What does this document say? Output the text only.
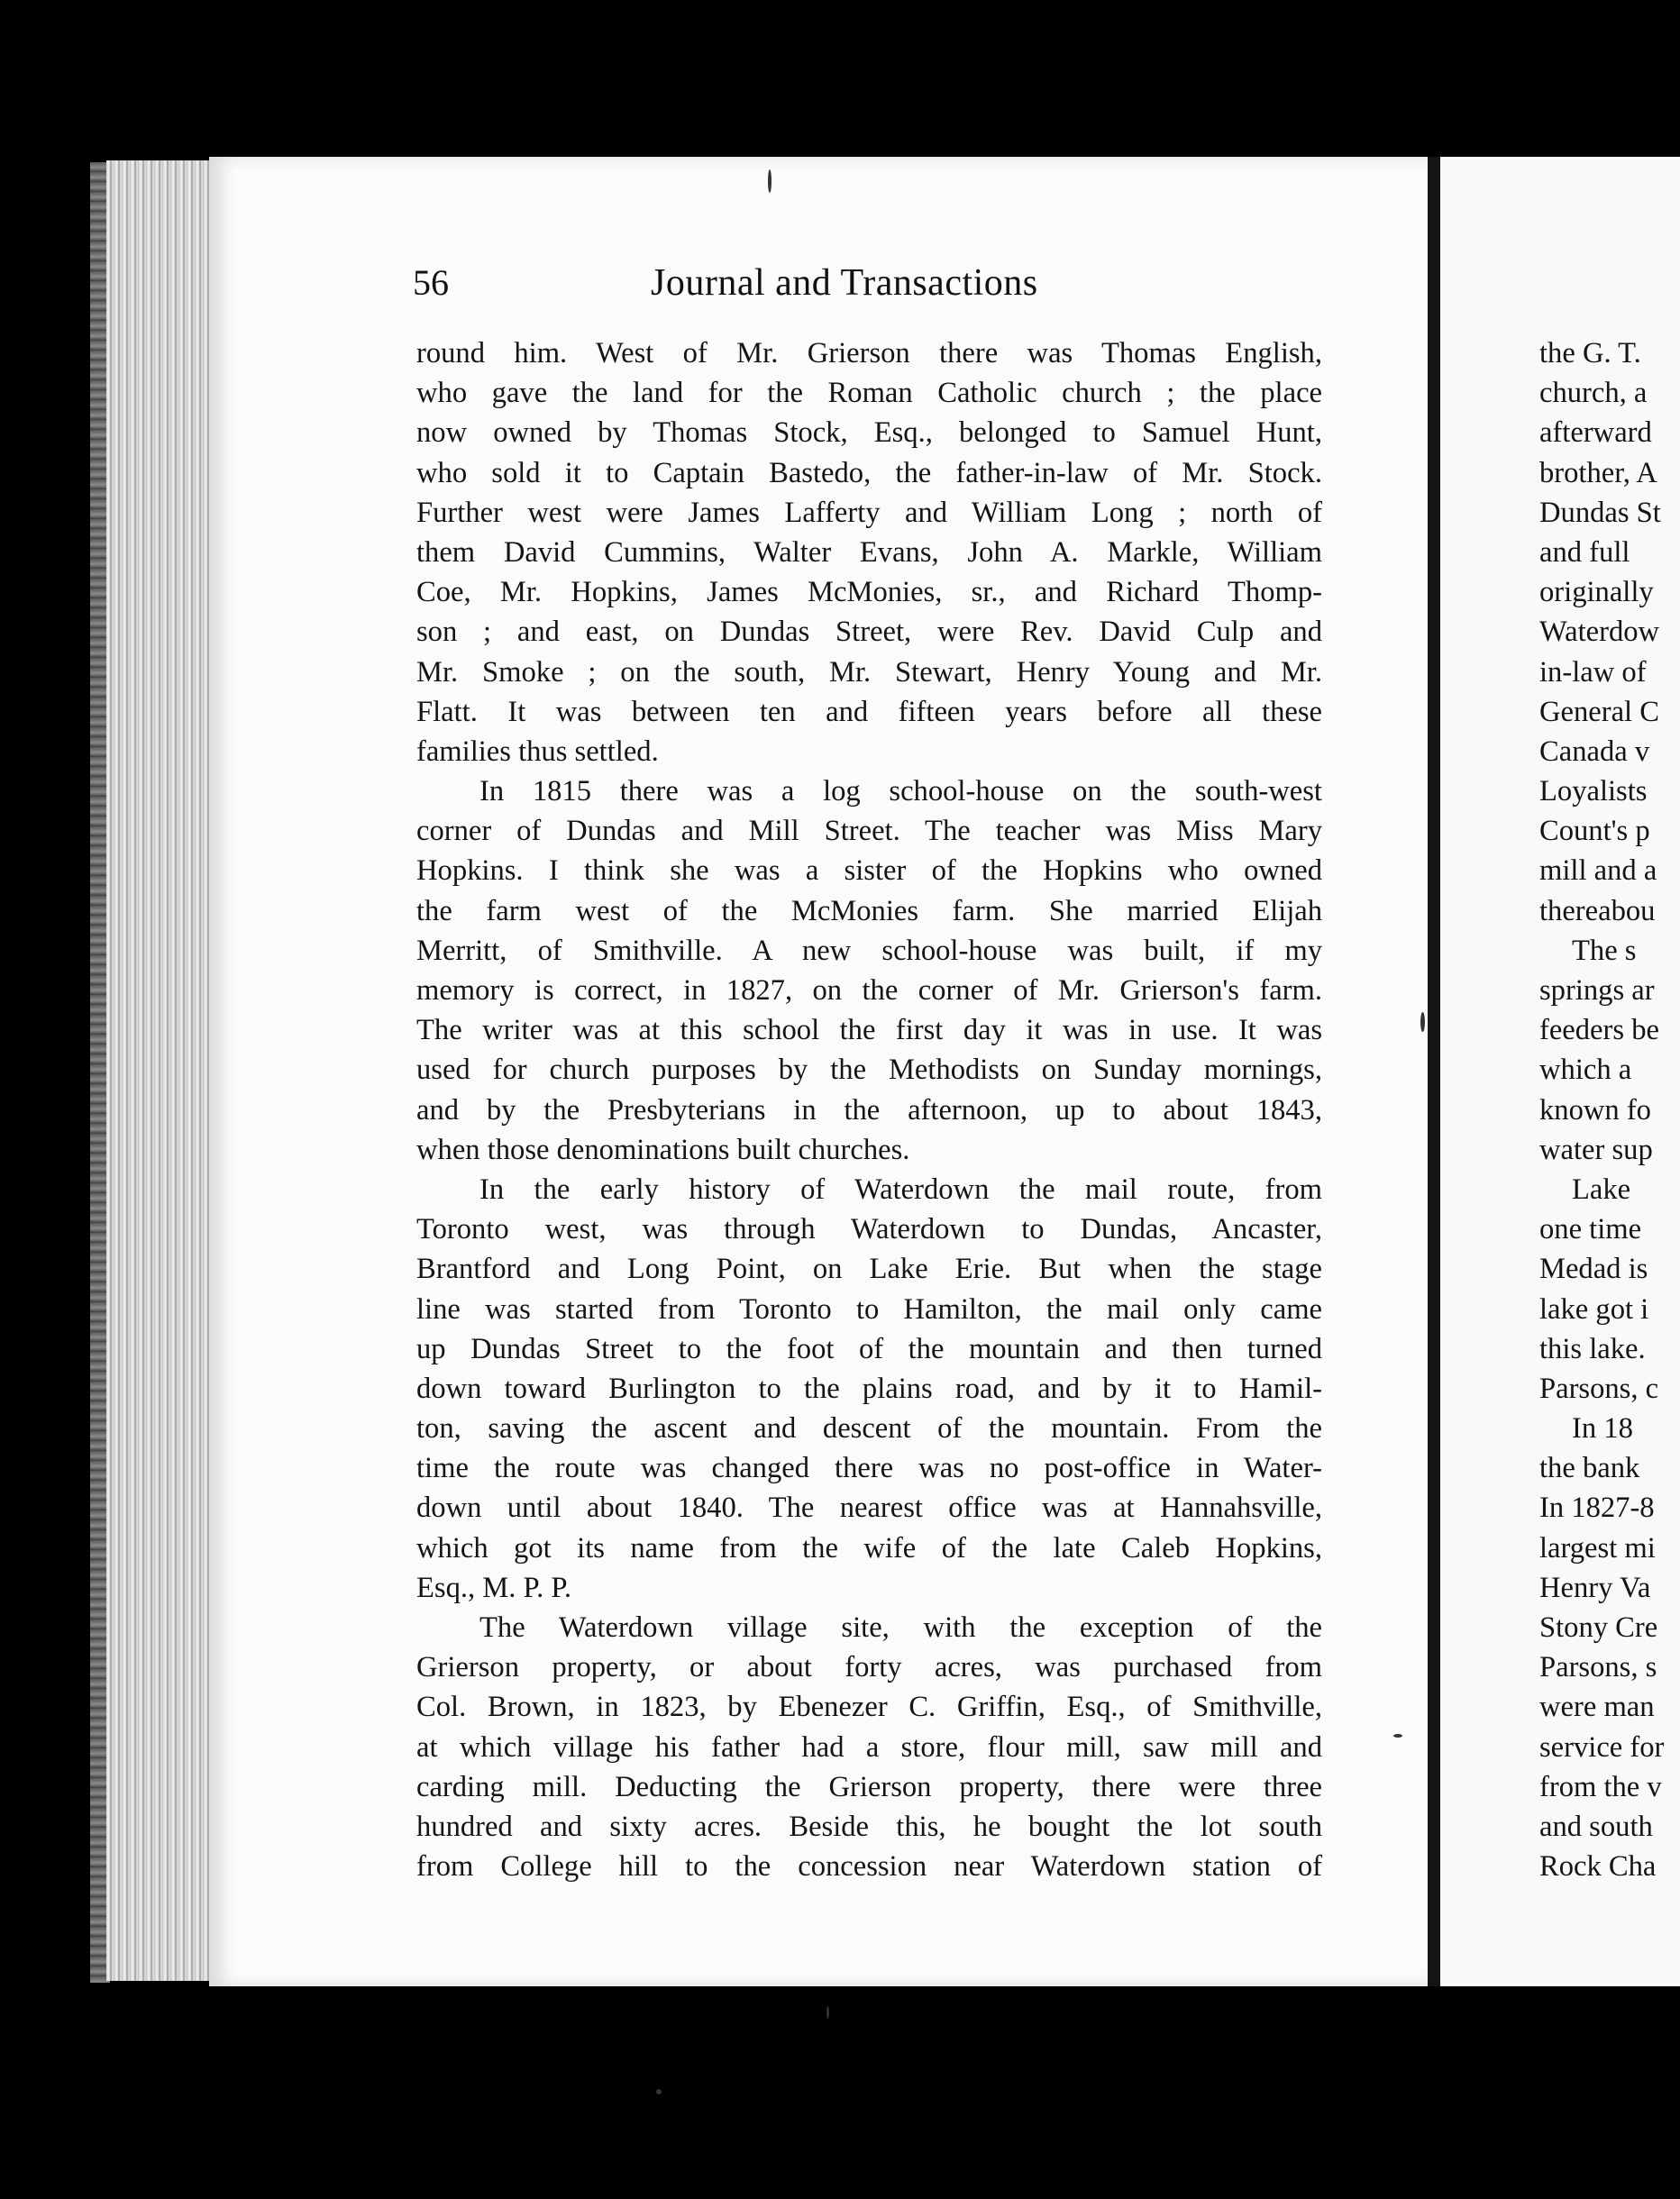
56	Journal and Transactions
round him. West of Mr. Grierson there was Thomas English,
who gave the land for the Roman Catholic church ; the place
now owned by Thomas Stock, Esq., belonged to Samuel Hunt,
who sold it to Captain Bastedo, the father-in-law of Mr. Stock.
Further west were James Lafferty and William Long ; north of
them David Cummins, Walter Evans, John A. Markle, William
Coe, Mr. Hopkins, James McMonies, sr., and Richard Thomp-
son ; and east, on Dundas Street, were Rev. David Culp and
Mr. Smoke ; on the south, Mr. Stewart, Henry Young and Mr.
Flatt. It was between ten and fifteen years before all these
families thus settled.
In 1815 there was a log school-house on the south-west
corner of Dundas and Mill Street. The teacher was Miss Mary
Hopkins. I think she was a sister of the Hopkins who owned
the farm west of the McMonies farm. She married Elijah
Merritt, of Smithville. A new school-house was built, if my
memory is correct, in 1827, on the corner of Mr. Grierson's farm.
The writer was at this school the first day it was in use. It was
used for church purposes by the Methodists on Sunday mornings,
and by the Presbyterians in the afternoon, up to about 1843,
when those denominations built churches.
In the early history of Waterdown the mail route, from
Toronto west, was through Waterdown to Dundas, Ancaster,
Brantford and Long Point, on Lake Erie. But when the stage
line was started from Toronto to Hamilton, the mail only came
up Dundas Street to the foot of the mountain and then turned
down toward Burlington to the plains road, and by it to Hamil-
ton, saving the ascent and descent of the mountain. From the
time the route was changed there was no post-office in Water-
down until about 1840. The nearest office was at Hannahsville,
which got its name from the wife of the late Caleb Hopkins,
Esq., M. P. P.
The Waterdown village site, with the exception of the
Grierson property, or about forty acres, was purchased from
Col. Brown, in 1823, by Ebenezer C. Griffin, Esq., of Smithville,
at which village his father had a store, flour mill, saw mill and
carding mill. Deducting the Grierson property, there were three
hundred and sixty acres. Beside this, he bought the lot south
from College hill to the concession near Waterdown station of
the G. T.
church, a
afterward
brother, A
Dundas St
and full
originally
Waterdow
in-law of
General C
Canada v
Loyalists
Count's p
mill and a
thereabou
The s
springs ar
feeders be
which a
known fo
water sup
Lake
one time
Medad is
lake got i
this lake.
Parsons, c
In 18
the bank
In 1827-8
largest mi
Henry Va
Stony Cre
Parsons, s
were man
service for
from the v
and south
Rock Cha
